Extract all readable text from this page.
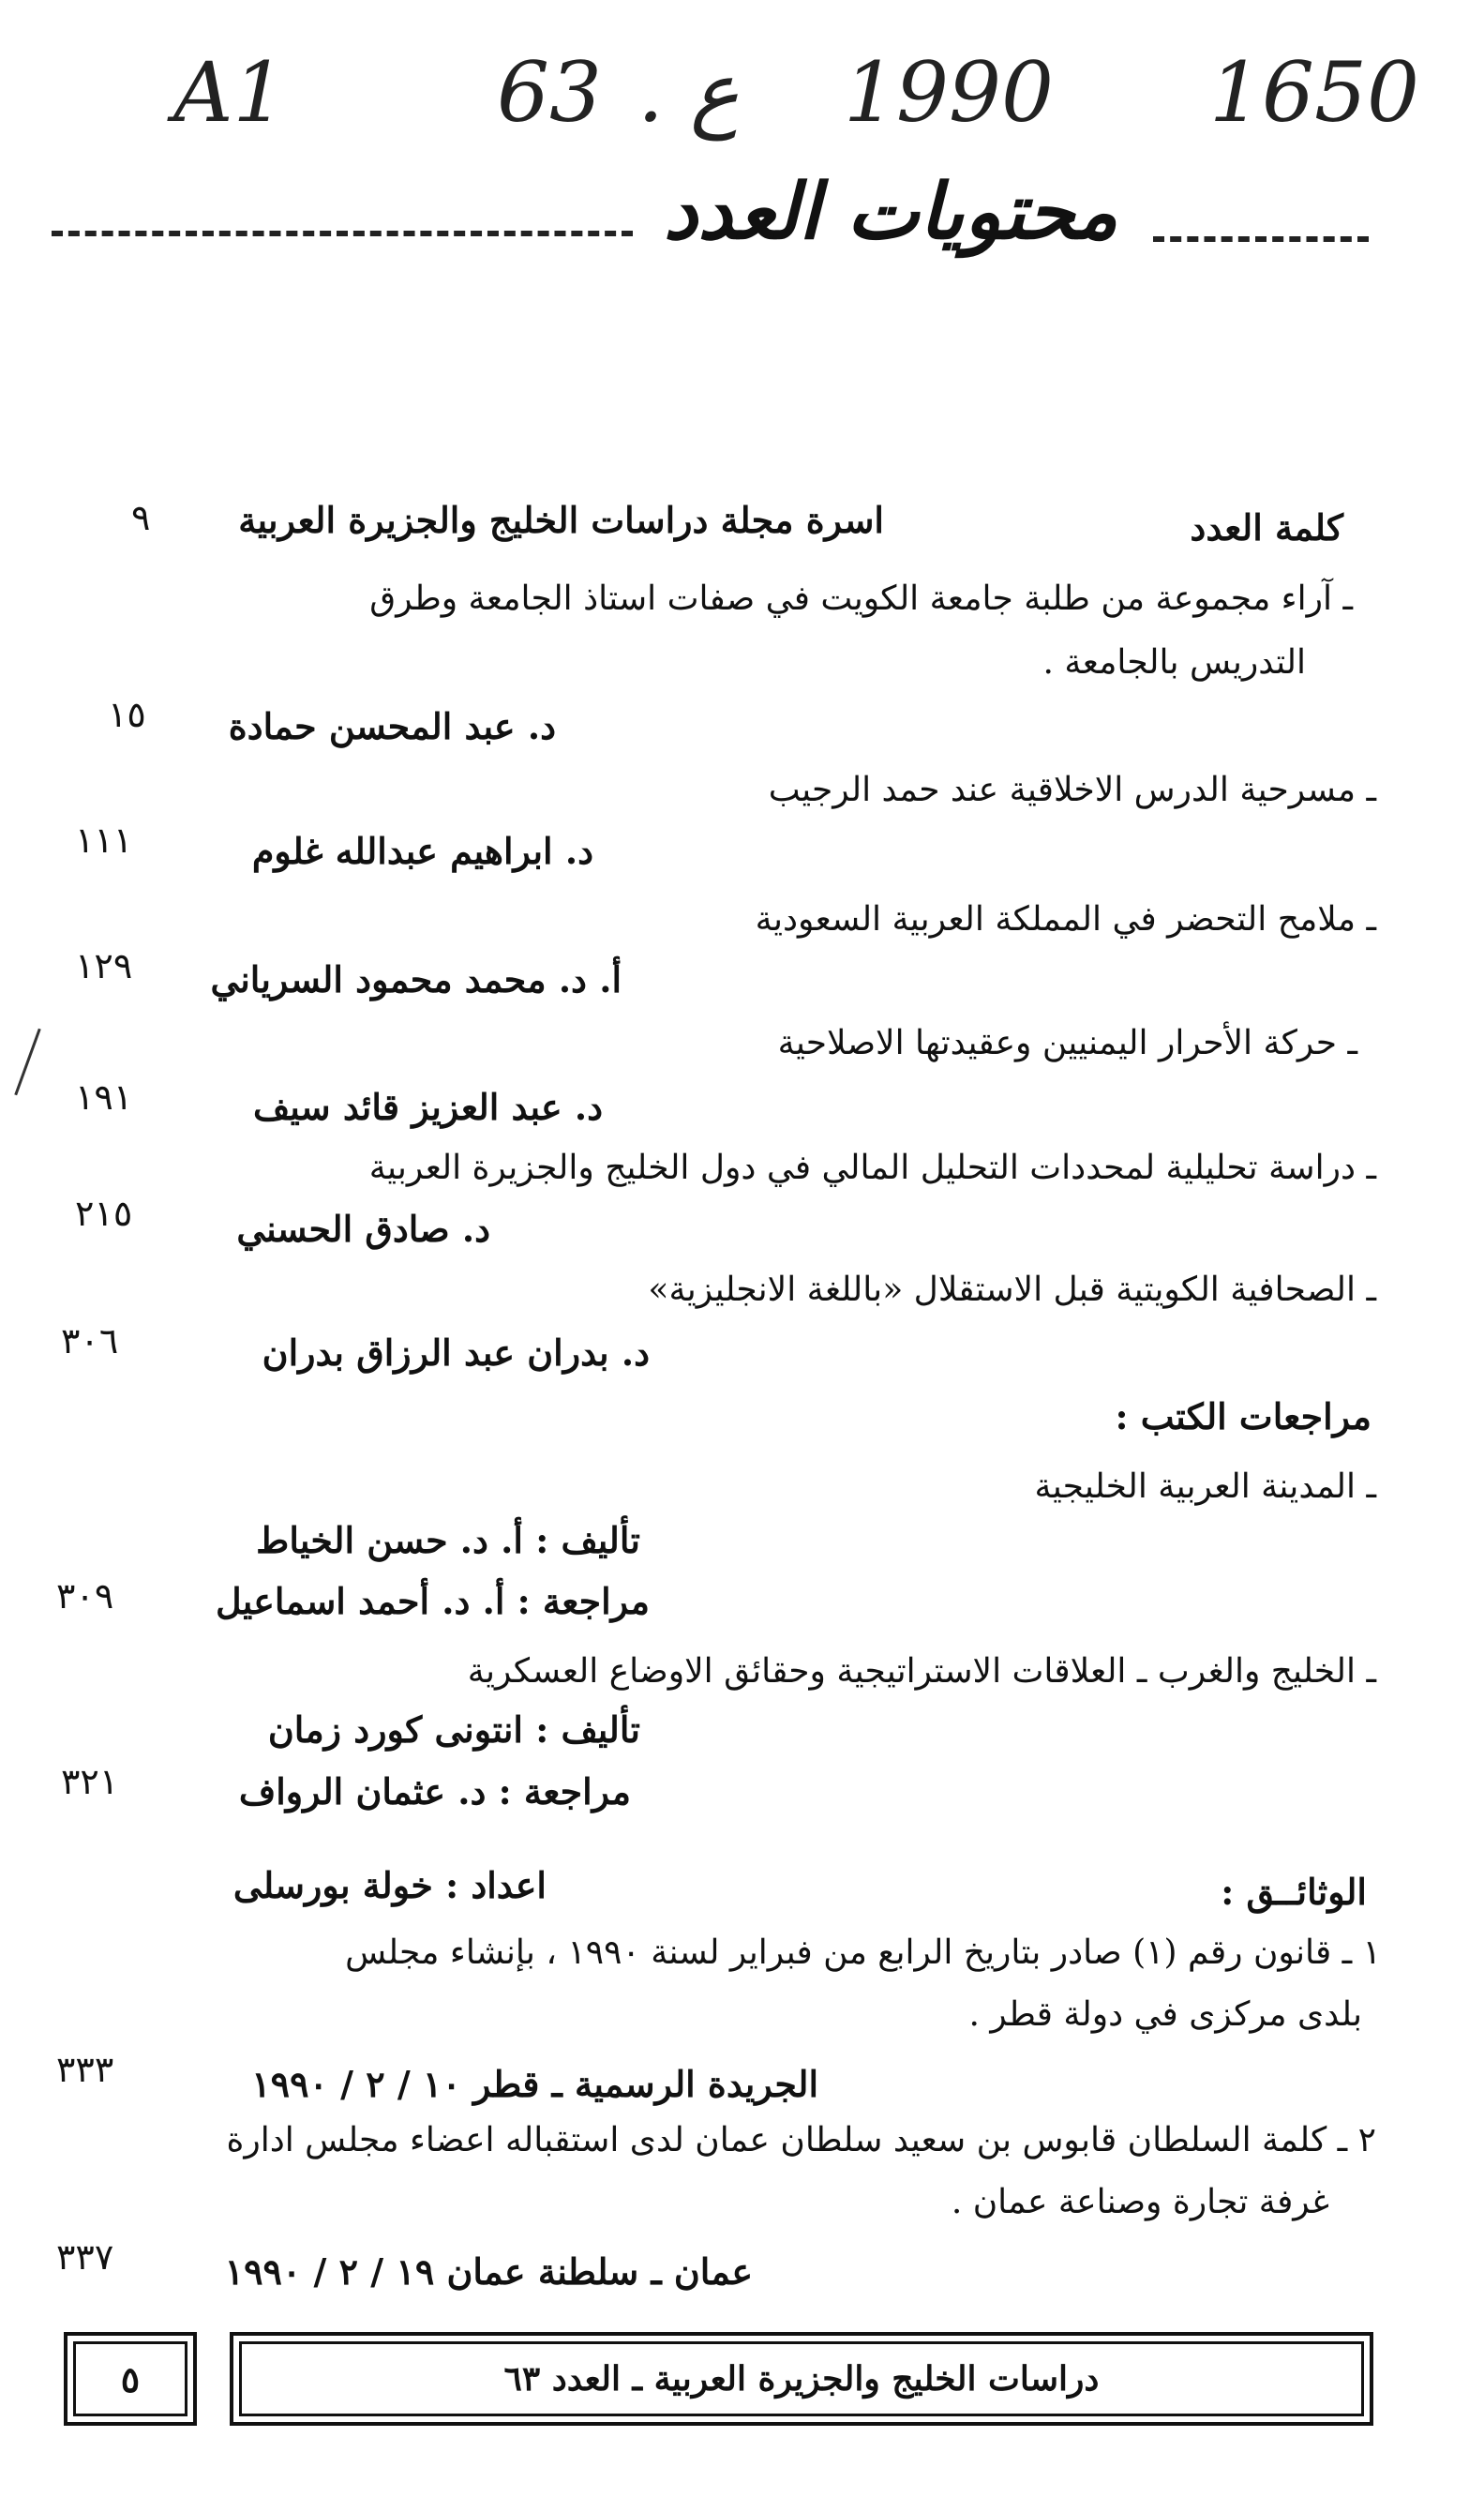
A1	63 . ع 1990 1650
محتويات العدد
كلمة العدد
اسرة مجلة دراسات الخليج والجزيرة العربية
٩
ـ آراء مجموعة من طلبة جامعة الكويت في صفات استاذ الجامعة وطرق
التدريس بالجامعة .
د. عبد المحسن حمادة
١٥
ـ مسرحية الدرس الاخلاقية عند حمد الرجيب
د. ابراهيم عبدالله غلوم
١١١
ـ ملامح التحضر في المملكة العربية السعودية
أ. د. محمد محمود السرياني
١٢٩
ـ حركة الأحرار اليمنيين وعقيدتها الاصلاحية
د. عبد العزيز قائد سيف
١٩١
ـ دراسة تحليلية لمحددات التحليل المالي في دول الخليج والجزيرة العربية
د. صادق الحسني
٢١٥
ـ الصحافية الكويتية قبل الاستقلال «باللغة الانجليزية»
د. بدران عبد الرزاق بدران
٣٠٦
مراجعات الكتب :
ـ المدينة العربية الخليجية
تأليف : أ. د. حسن الخياط
مراجعة : أ. د. أحمد اسماعيل
٣٠٩
ـ الخليج والغرب ـ العلاقات الاستراتيجية وحقائق الاوضاع العسكرية
تأليف : انتونى كورد زمان
مراجعة : د. عثمان الرواف
٣٢١
الوثائــق :
اعداد : خولة بورسلى
١ ـ قانون رقم (١) صادر بتاريخ الرابع من فبراير لسنة ١٩٩٠ ، بإنشاء مجلس
بلدى مركزى في دولة قطر .
الجريدة الرسمية ـ قطر ١٠ / ٢ / ١٩٩٠
٣٣٣
٢ ـ كلمة السلطان قابوس بن سعيد سلطان عمان لدى استقباله اعضاء مجلس ادارة
غرفة تجارة وصناعة عمان .
عمان ـ سلطنة عمان ١٩ / ٢ / ١٩٩٠
٣٣٧
٥	دراسات الخليج والجزيرة العربية ـ العدد ٦٣
